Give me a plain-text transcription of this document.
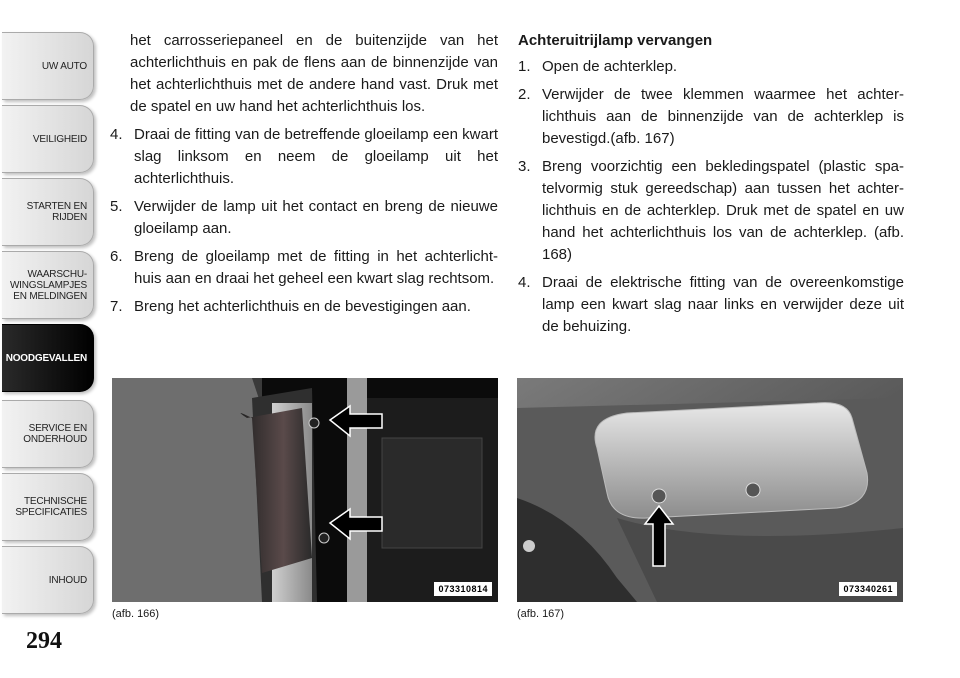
UW AUTO
VEILIGHEID
STARTEN EN
RIJDEN
WAARSCHU-
WINGSLAMPJES
EN MELDINGEN
NOODGEVALLEN
SERVICE EN
ONDERHOUD
TECHNISCHE
SPECIFICATIES
INHOUD
294

het carrosseriepaneel en de buitenzijde van het achterlichthuis en pak de flens aan de binnenzijde van het achterlichthuis met de andere hand vast. Druk met de spatel en uw hand het achterlichthuis los.

4. Draai de fitting van de betreffende gloeilamp een kwart slag linksom en neem de gloeilamp uit het achterlichthuis.
5. Verwijder de lamp uit het contact en breng de nieuwe gloeilamp aan.
6. Breng de gloeilamp met de fitting in het achterlicht-huis aan en draai het geheel een kwart slag rechtsom.
7. Breng het achterlichthuis en de bevestigingen aan.
Achteruitrijlamp vervangen
1. Open de achterklep.
2. Verwijder de twee klemmen waarmee het achter-lichthuis aan de binnenzijde van de achterklep is bevestigd.(afb. 167)
3. Breng voorzichtig een bekledingspatel (plastic spa-telvormig stuk gereedschap) aan tussen het achter-lichthuis en de achterklep. Druk met de spatel en uw hand het achterlichthuis los van de achterklep. (afb. 168)
4. Draai de elektrische fitting van de overeenkomstige lamp een kwart slag naar links en verwijder deze uit de behuizing.
073310814
(afb. 166)
073340261
(afb. 167)
